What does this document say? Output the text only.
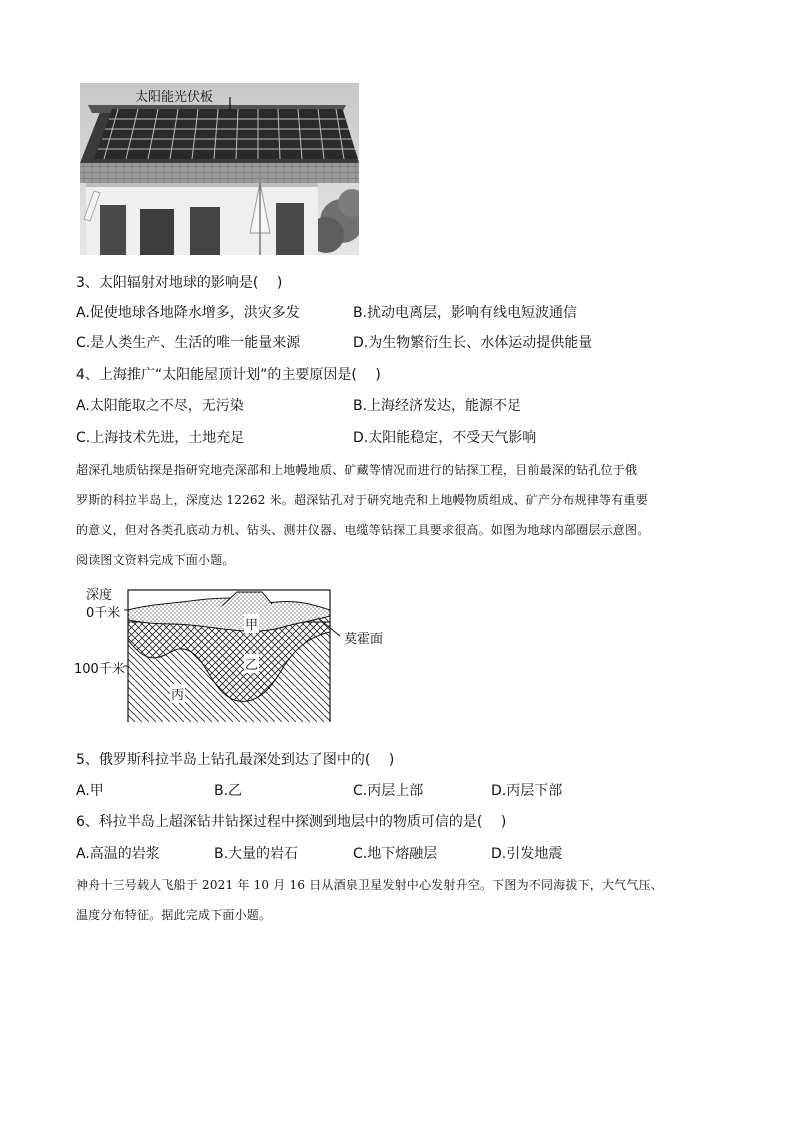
太阳能光伏板
3、太阳辐射对地球的影响是(　 )
A.促使地球各地降水增多，洪灾多发	B.扰动电离层，影响有线电短波通信
C.是人类生产、生活的唯一能量来源	D.为生物繁衍生长、水体运动提供能量
4、上海推广“太阳能屋顶计划”的主要原因是(　 )
A.太阳能取之不尽，无污染	B.上海经济发达，能源不足
C.上海技术先进，土地充足	D.太阳能稳定，不受天气影响
超深孔地质钻探是指研究地壳深部和上地幔地质、矿藏等情况而进行的钻探工程，目前最深的钻孔位于俄
罗斯的科拉半岛上，深度达 12262 米。超深钻孔对于研究地壳和上地幔物质组成、矿产分布规律等有重要
的意义，但对各类孔底动力机、钻头、测井仪器、电缆等钻探工具要求很高。如图为地球内部圈层示意图。
阅读图文资料完成下面小题。
深度
0千米
100千米
甲
乙
丙
莫霍面
5、俄罗斯科拉半岛上钻孔最深处到达了图中的(　 )
A.甲	B.乙	C.丙层上部	D.丙层下部
6、科拉半岛上超深钻井钻探过程中探测到地层中的物质可信的是(　 )
A.高温的岩浆	B.大量的岩石	C.地下熔融层	D.引发地震
神舟十三号载人飞船于 2021 年 10 月 16 日从酒泉卫星发射中心发射升空。下图为不同海拔下，大气气压、
温度分布特征。据此完成下面小题。
